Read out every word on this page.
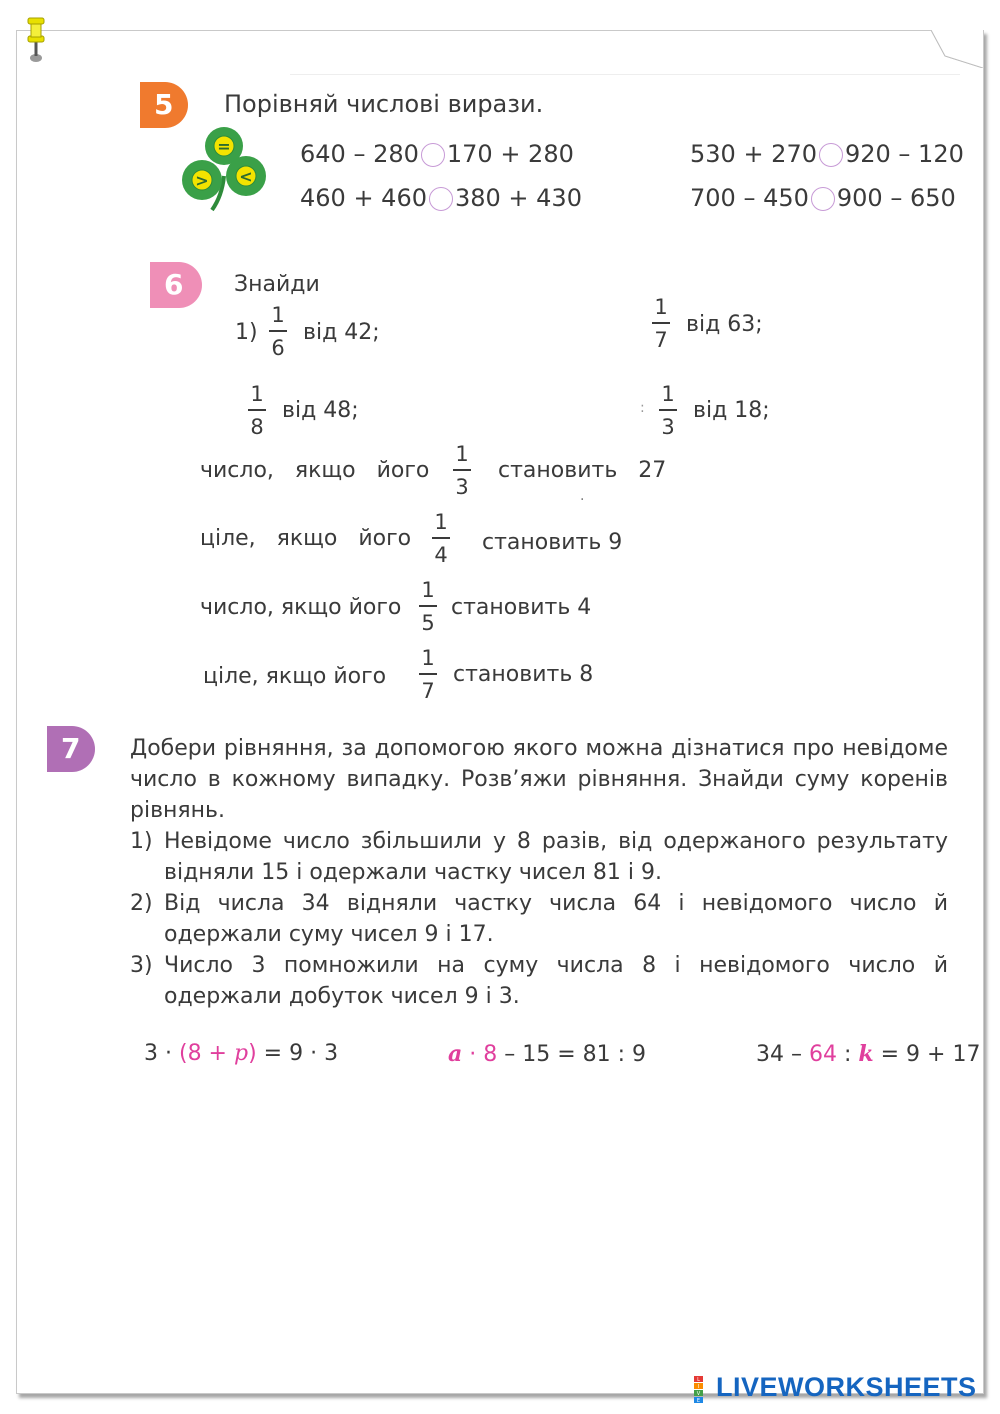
5	Порівняй числові вирази.
=
> <
640 – 280 170 + 280
460 + 460 380 + 430
530 + 270 920 – 120
700 – 450 900 – 650
6	Знайди
1)
1
6
від 42;
1
7
від 63;
1
8
від 48;	:
1
3
від 18;
число,   якщо   його
1
3
становить   27
.
ціле,   якщо   його
1
4 становить 9
число, якщо його
1
5
становить 4
ціле, якщо його
1
7
становить 8
7	Добери рівняння, за допомогою якого можна дізнатися про невідоме число в кожному випадку. Розв’яжи рівняння. Знайди суму коренів рівнянь.
1) Невідоме число збільшили у 8 разів, від одержаного результату відняли 15 і одержали частку чисел 81 і 9.
2) Від числа 34 відняли частку числа 64 і невідомого число й одержали суму чисел 9 і 17.
3) Число 3 помножили на суму числа 8 і невідомого число й одержали добуток чисел 9 і 3.

3 · (8 + p) = 9 · 3	a · 8 – 15 = 81 : 9	34 – 64 : k = 9 + 17

L
I
V
E LIVEWORKSHEETS
